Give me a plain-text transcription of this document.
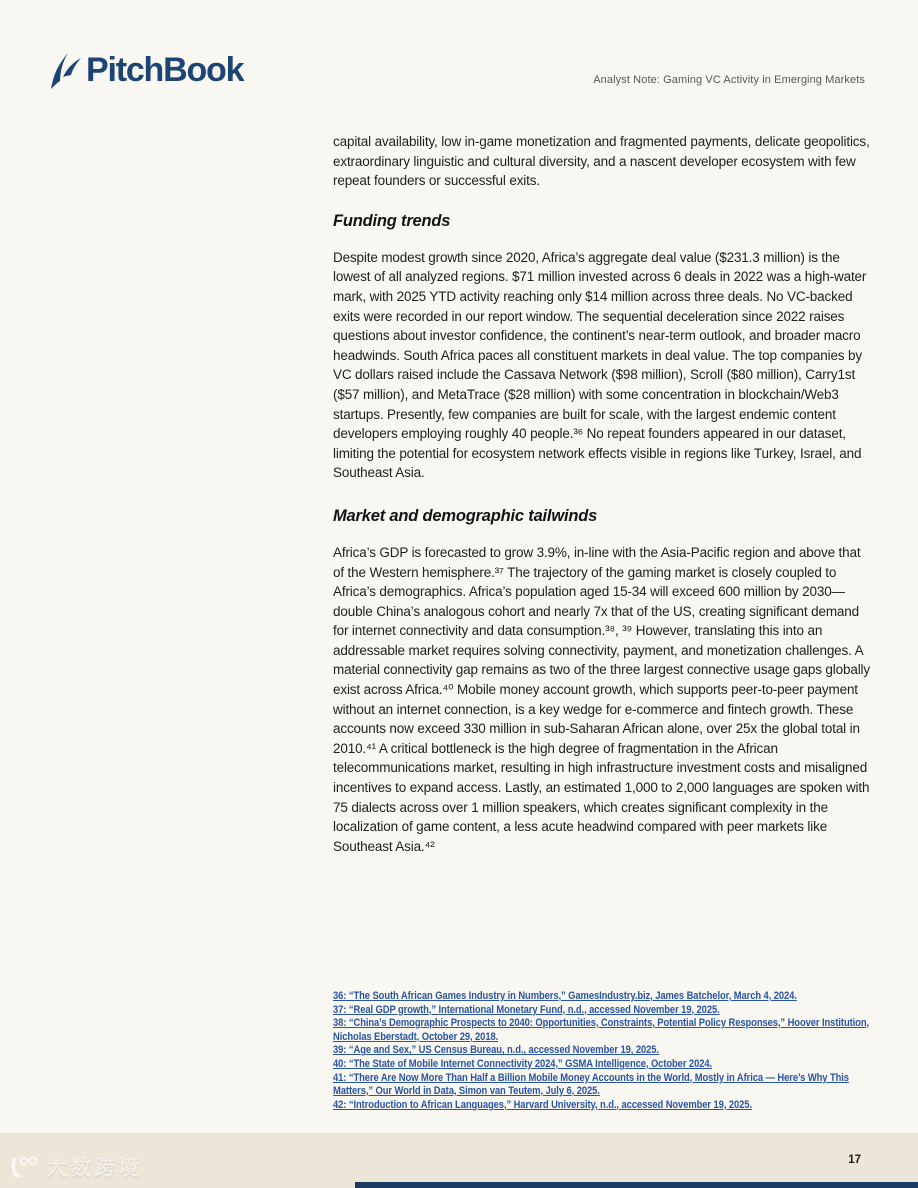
PitchBook	Analyst Note: Gaming VC Activity in Emerging Markets

capital availability, low in-game monetization and fragmented payments, delicate geopolitics, extraordinary linguistic and cultural diversity, and a nascent developer ecosystem with few repeat founders or successful exits.

Funding trends

Despite modest growth since 2020, Africa’s aggregate deal value ($231.3 million) is the lowest of all analyzed regions. $71 million invested across 6 deals in 2022 was a high-water mark, with 2025 YTD activity reaching only $14 million across three deals. No VC-backed exits were recorded in our report window. The sequential deceleration since 2022 raises questions about investor confidence, the continent’s near-term outlook, and broader macro headwinds. South Africa paces all constituent markets in deal value. The top companies by VC dollars raised include the Cassava Network ($98 million), Scroll ($80 million), Carry1st ($57 million), and MetaTrace ($28 million) with some concentration in blockchain/Web3 startups. Presently, few companies are built for scale, with the largest endemic content developers employing roughly 40 people.³⁶ No repeat founders appeared in our dataset, limiting the potential for ecosystem network effects visible in regions like Turkey, Israel, and Southeast Asia.

Market and demographic tailwinds

Africa’s GDP is forecasted to grow 3.9%, in-line with the Asia-Pacific region and above that of the Western hemisphere.³⁷ The trajectory of the gaming market is closely coupled to Africa’s demographics. Africa’s population aged 15-34 will exceed 600 million by 2030—double China’s analogous cohort and nearly 7x that of the US, creating significant demand for internet connectivity and data consumption.³⁸, ³⁹ However, translating this into an addressable market requires solving connectivity, payment, and monetization challenges. A material connectivity gap remains as two of the three largest connective usage gaps globally exist across Africa.⁴⁰ Mobile money account growth, which supports peer-to-peer payment without an internet connection, is a key wedge for e-commerce and fintech growth. These accounts now exceed 330 million in sub-Saharan African alone, over 25x the global total in 2010.⁴¹ A critical bottleneck is the high degree of fragmentation in the African telecommunications market, resulting in high infrastructure investment costs and misaligned incentives to expand access. Lastly, an estimated 1,000 to 2,000 languages are spoken with 75 dialects across over 1 million speakers, which creates significant complexity in the localization of game content, a less acute headwind compared with peer markets like Southeast Asia.⁴²

36: “The South African Games Industry in Numbers,” GamesIndustry.biz, James Batchelor, March 4, 2024.
37: “Real GDP growth,” International Monetary Fund, n.d., accessed November 19, 2025.
38: “China’s Demographic Prospects to 2040: Opportunities, Constraints, Potential Policy Responses,” Hoover Institution, Nicholas Eberstadt, October 29, 2018.
39: “Age and Sex,” US Census Bureau, n.d., accessed November 19, 2025.
40: “The State of Mobile Internet Connectivity 2024,” GSMA Intelligence, October 2024.
41: “There Are Now More Than Half a Billion Mobile Money Accounts in the World, Mostly in Africa — Here’s Why This Matters,” Our World in Data, Simon van Teutem, July 6, 2025.
42: “Introduction to African Languages,” Harvard University, n.d., accessed November 19, 2025.
17
大数跨境
